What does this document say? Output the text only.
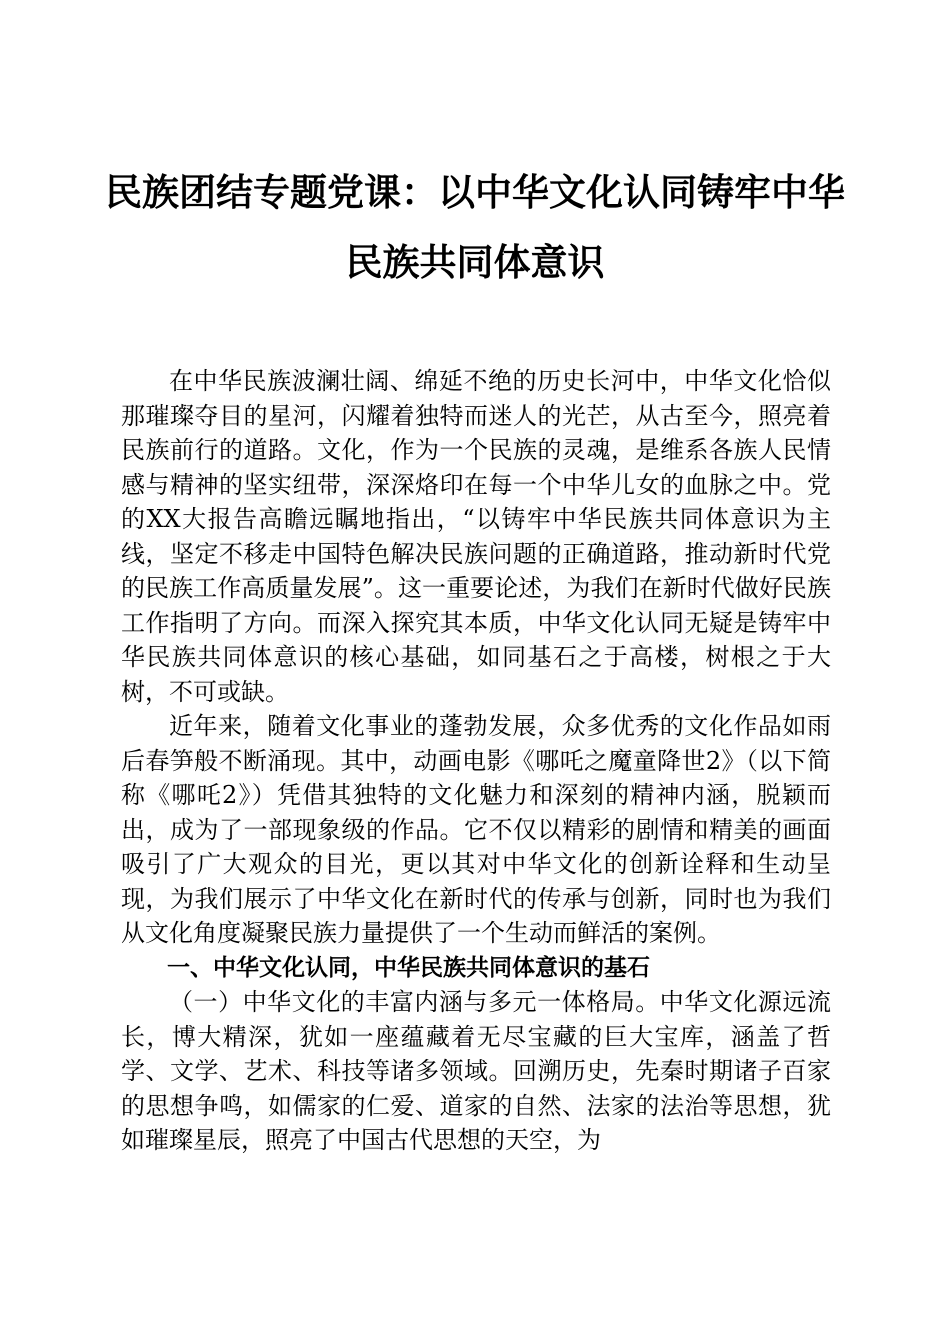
民族团结专题党课：以中华文化认同铸牢中华
民族共同体意识

在中华民族波澜壮阔、绵延不绝的历史长河中，中华文化恰似那璀璨夺目的星河，闪耀着独特而迷人的光芒，从古至今，照亮着民族前行的道路。文化，作为一个民族的灵魂，是维系各族人民情感与精神的坚实纽带，深深烙印在每一个中华儿女的血脉之中。党的XX大报告高瞻远瞩地指出，“以铸牢中华民族共同体意识为主线，坚定不移走中国特色解决民族问题的正确道路，推动新时代党的民族工作高质量发展”。这一重要论述，为我们在新时代做好民族工作指明了方向。而深入探究其本质，中华文化认同无疑是铸牢中华民族共同体意识的核心基础，如同基石之于高楼，树根之于大树，不可或缺。

近年来，随着文化事业的蓬勃发展，众多优秀的文化作品如雨后春笋般不断涌现。其中，动画电影《哪吒之魔童降世2》（以下简称《哪吒2》）凭借其独特的文化魅力和深刻的精神内涵，脱颖而出，成为了一部现象级的作品。它不仅以精彩的剧情和精美的画面吸引了广大观众的目光，更以其对中华文化的创新诠释和生动呈现，为我们展示了中华文化在新时代的传承与创新，同时也为我们从文化角度凝聚民族力量提供了一个生动而鲜活的案例。

一、中华文化认同，中华民族共同体意识的基石

（一）中华文化的丰富内涵与多元一体格局。中华文化源远流长，博大精深，犹如一座蕴藏着无尽宝藏的巨大宝库，涵盖了哲学、文学、艺术、科技等诸多领域。回溯历史，先秦时期诸子百家的思想争鸣，如儒家的仁爱、道家的自然、法家的法治等思想，犹如璀璨星辰，照亮了中国古代思想的天空，为
